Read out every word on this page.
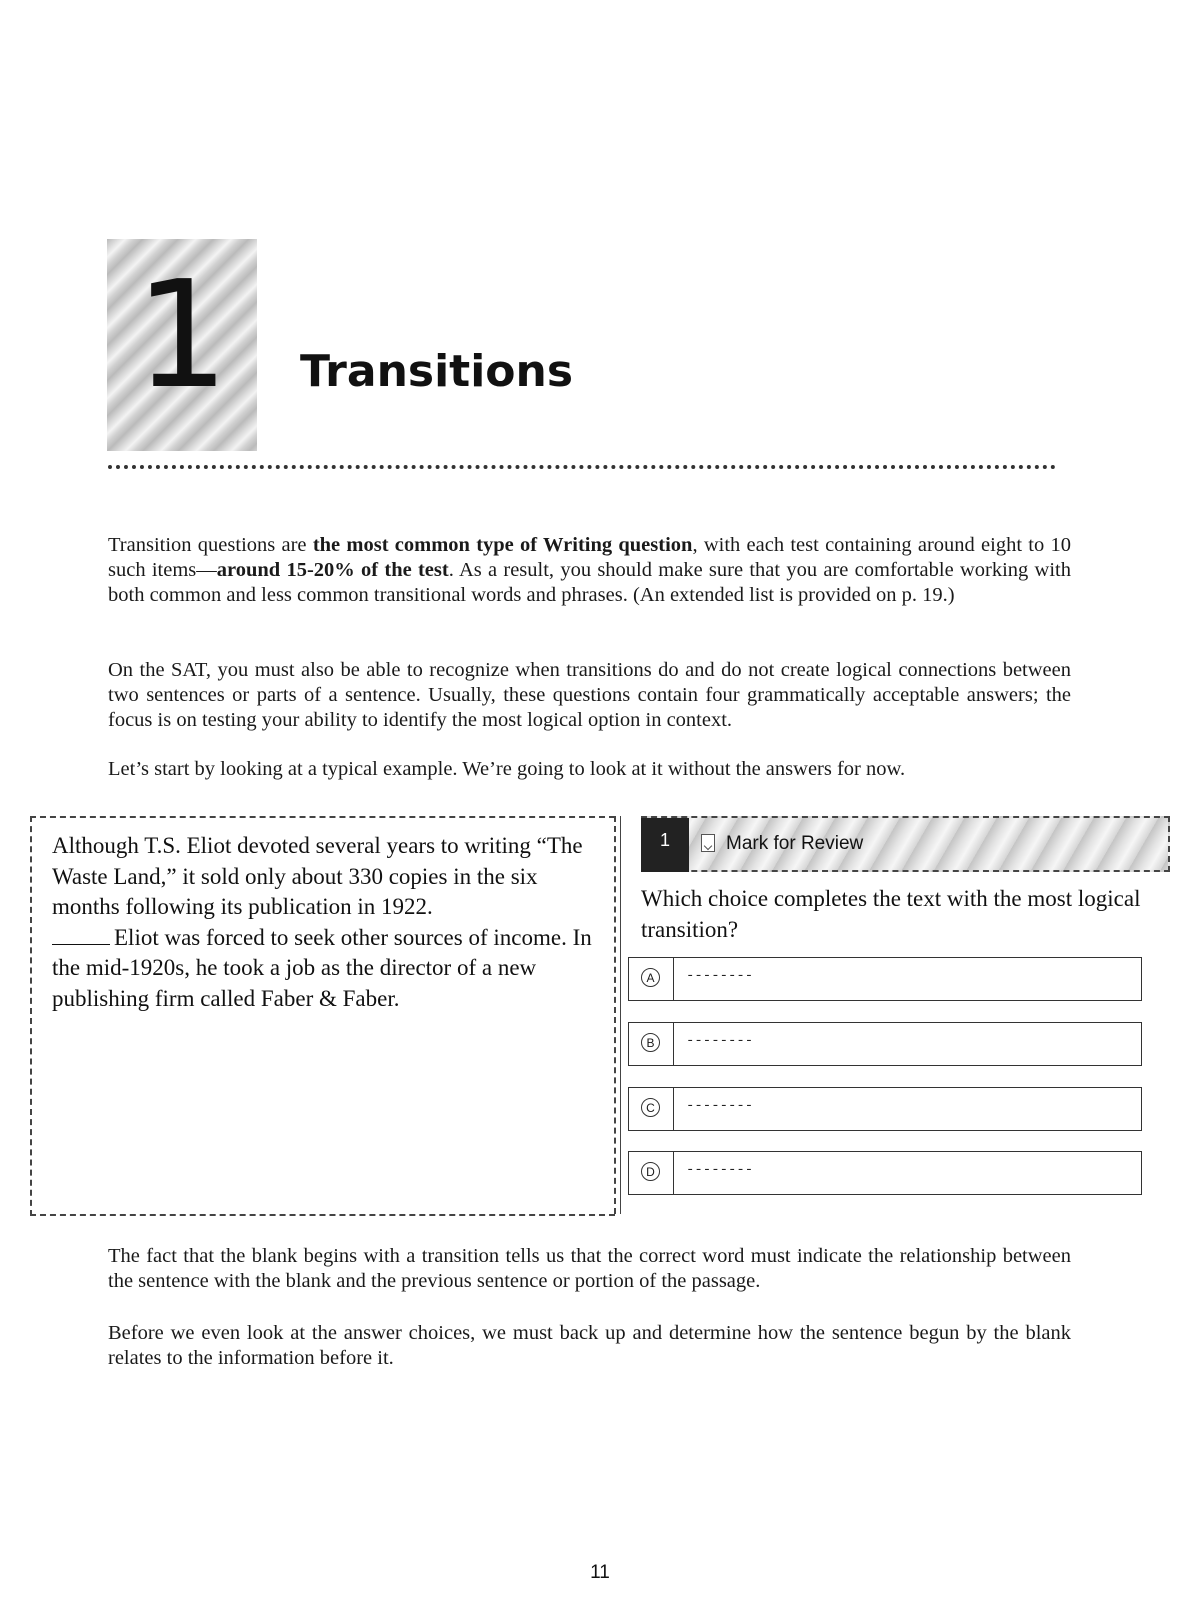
1	Transitions

Transition questions are the most common type of Writing question, with each test containing around eight to 10 such items—around 15-20% of the test. As a result, you should make sure that you are comfortable working with both common and less common transitional words and phrases. (An extended list is provided on p. 19.)

On the SAT, you must also be able to recognize when transitions do and do not create logical connections between two sentences or parts of a sentence. Usually, these questions contain four grammatically acceptable answers; the focus is on testing your ability to identify the most logical option in context.

Let’s start by looking at a typical example. We’re going to look at it without the answers for now.

Although T.S. Eliot devoted several years to writing “The Waste Land,” it sold only about 330 copies in the six months following its publication in 1922.
Eliot was forced to seek other sources of income. In the mid-1920s, he took a job as the director of a new publishing firm called Faber & Faber.

1	Mark for Review

Which choice completes the text with the most logical transition?

A	--------
B	--------
C	--------
D	--------

The fact that the blank begins with a transition tells us that the correct word must indicate the relationship between the sentence with the blank and the previous sentence or portion of the passage.

Before we even look at the answer choices, we must back up and determine how the sentence begun by the blank relates to the information before it.

11
